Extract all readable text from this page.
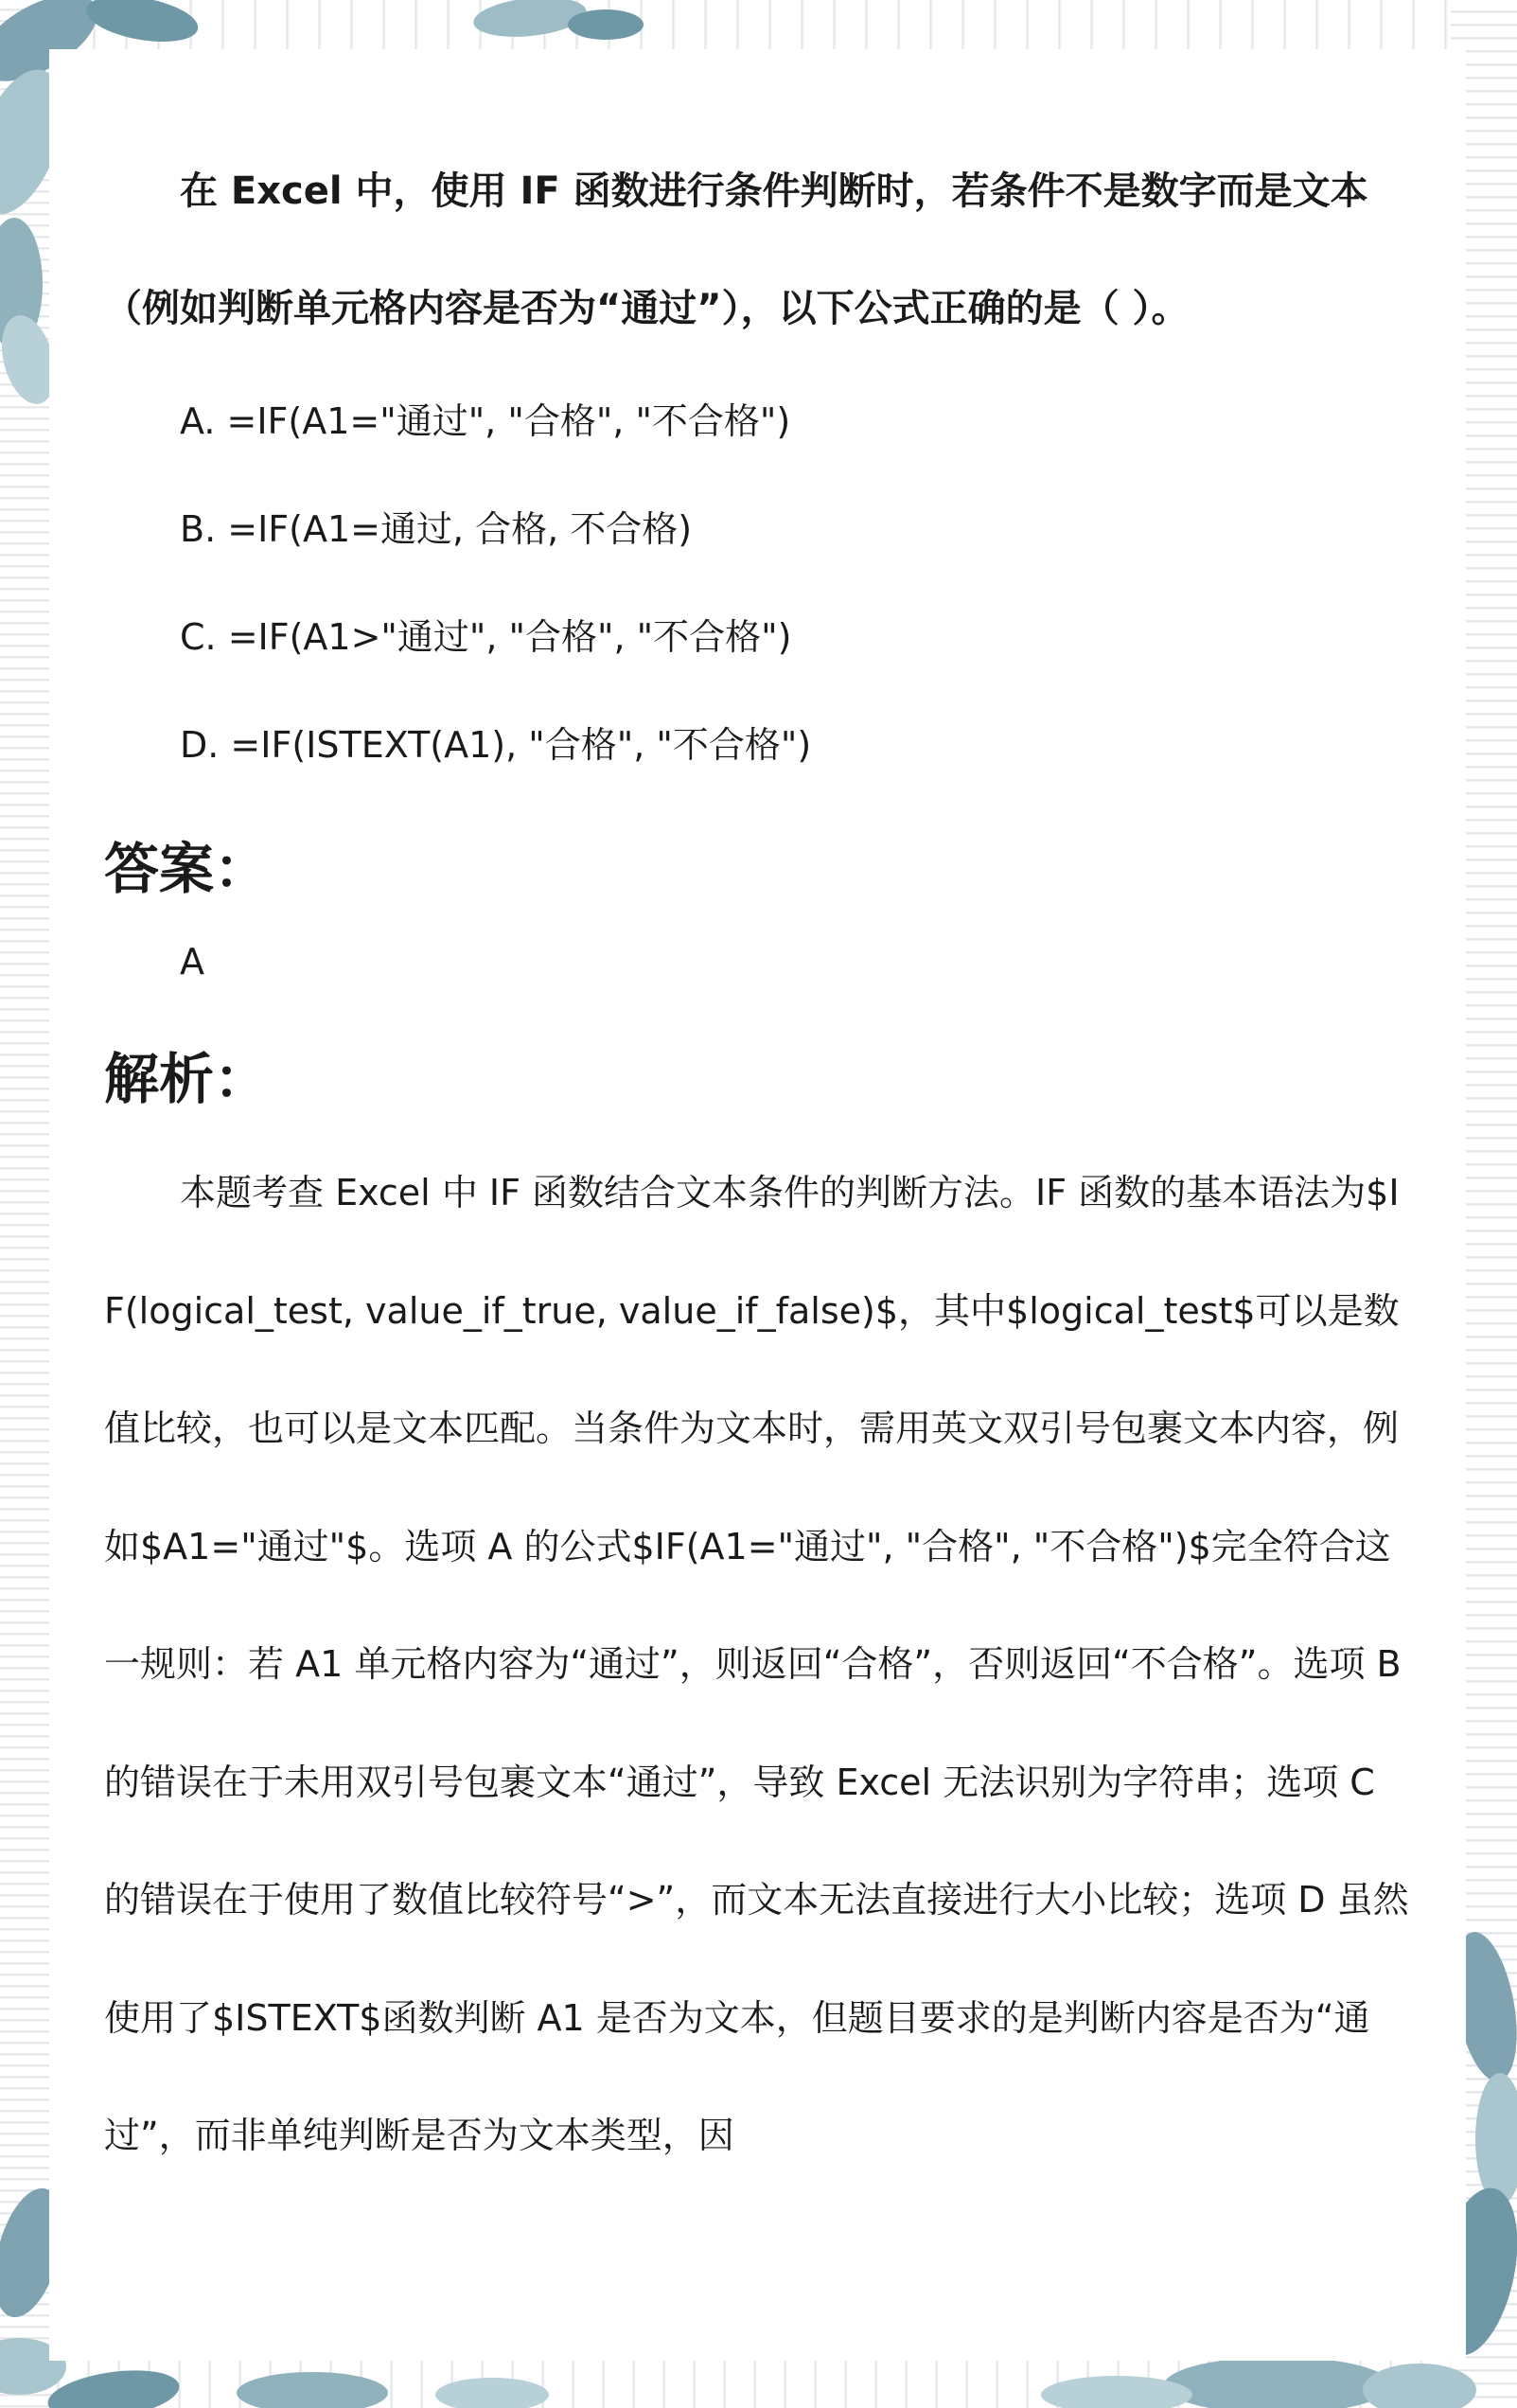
在 Excel 中，使用 IF 函数进行条件判断时，若条件不是数字而是文本（例如判断单元格内容是否为“通过”），以下公式正确的是（ ）。

A. =IF(A1="通过", "合格", "不合格")

B. =IF(A1=通过, 合格, 不合格)

C. =IF(A1>"通过", "合格", "不合格")

D. =IF(ISTEXT(A1), "合格", "不合格")

答案：

A

解析：

本题考查 Excel 中 IF 函数结合文本条件的判断方法。IF 函数的基本语法为$IF(logical_test, value_if_true, value_if_false)$，其中$logical_test$可以是数值比较，也可以是文本匹配。当条件为文本时，需用英文双引号包裹文本内容，例如$A1="通过"$。选项 A 的公式$IF(A1="通过", "合格", "不合格")$完全符合这一规则：若 A1 单元格内容为“通过”，则返回“合格”，否则返回“不合格”。选项 B 的错误在于未用双引号包裹文本“通过”，导致 Excel 无法识别为字符串；选项 C 的错误在于使用了数值比较符号“>”，而文本无法直接进行大小比较；选项 D 虽然使用了$ISTEXT$函数判断 A1 是否为文本，但题目要求的是判断内容是否为“通过”，而非单纯判断是否为文本类型，因
